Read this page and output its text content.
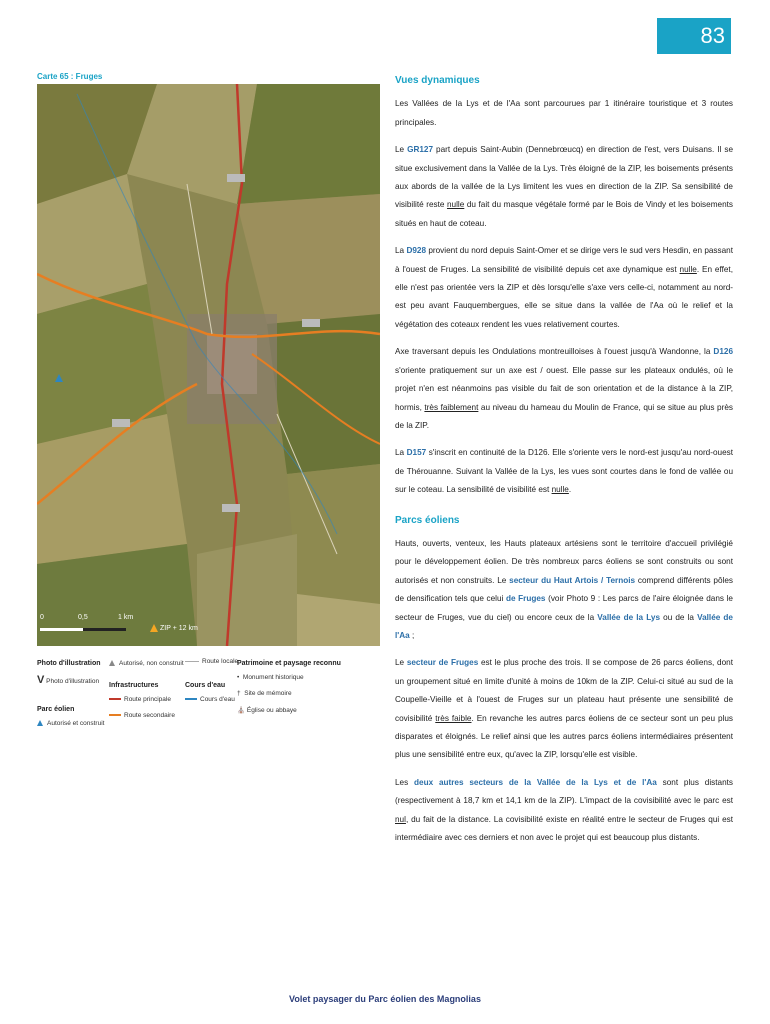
83
Carte 65 : Fruges
0	0,5	1 km
ZIP + 12 km
Photo d'illustration
V Photo d'illustration
Parc éolien
Autorisé et construit
Autorisé, non construit
Infrastructures
Route principale
Route secondaire
Route locale
Cours d'eau
Cours d'eau
Patrimoine et paysage reconnu
• Monument historique
† Site de mémoire
⛪ Église ou abbaye
Vues dynamiques

Les Vallées de la Lys et de l'Aa sont parcourues par 1 itinéraire touristique et 3 routes principales.

Le GR127 part depuis Saint-Aubin (Dennebrœucq) en direction de l'est, vers Duisans. Il se situe exclusivement dans la Vallée de la Lys. Très éloigné de la ZIP, les boisements présents aux abords de la vallée de la Lys limitent les vues en direction de la ZIP. Sa sensibilité de visibilité reste nulle du fait du masque végétale formé par le Bois de Vindy et les boisements situés en haut de coteau.

La D928 provient du nord depuis Saint-Omer et se dirige vers le sud vers Hesdin, en passant à l'ouest de Fruges. La sensibilité de visibilité depuis cet axe dynamique est nulle. En effet, elle n'est pas orientée vers la ZIP et dès lorsqu'elle s'axe vers celle-ci, notamment au nord-est peu avant Fauquembergues, elle se situe dans la vallée de l'Aa où le relief et la végétation des coteaux rendent les vues relativement courtes.

Axe traversant depuis les Ondulations montreuilloises à l'ouest jusqu'à Wandonne, la D126 s'oriente pratiquement sur un axe est / ouest. Elle passe sur les plateaux ondulés, où le projet n'en est néanmoins pas visible du fait de son orientation et de la distance à la ZIP, hormis, très faiblement au niveau du hameau du Moulin de France, qui se situe au plus près de la ZIP.

La D157 s'inscrit en continuité de la D126. Elle s'oriente vers le nord-est jusqu'au nord-ouest de Thérouanne. Suivant la Vallée de la Lys, les vues sont courtes dans le fond de vallée ou sur le coteau. La sensibilité de visibilité est nulle.

Parcs éoliens

Hauts, ouverts, venteux, les Hauts plateaux artésiens sont le territoire d'accueil privilégié pour le développement éolien. De très nombreux parcs éoliens se sont construits ou sont autorisés et non construits. Le secteur du Haut Artois / Ternois comprend différents pôles de densification tels que celui de Fruges (voir Photo 9 : Les parcs de l'aire éloignée dans le secteur de Fruges, vue du ciel) ou encore ceux de la Vallée de la Lys ou de la Vallée de l'Aa ;

Le secteur de Fruges est le plus proche des trois. Il se compose de 26 parcs éoliens, dont un groupement situé en limite d'unité à moins de 10km de la ZIP. Celui-ci situé au sud de la Coupelle-Vieille et à l'ouest de Fruges sur un plateau haut présente une sensibilité de covisibilité très faible. En revanche les autres parcs éoliens de ce secteur sont un peu plus disparates et éloignés. Le relief ainsi que les autres parcs éoliens intermédiaires présentent plus une sensibilité entre eux, qu'avec la ZIP, lorsqu'elle est visible.

Les deux autres secteurs de la Vallée de la Lys et de l'Aa sont plus distants (respectivement à 18,7 km et 14,1 km de la ZIP). L'impact de la covisibilité avec le parc est nul, du fait de la distance. La covisibilité existe en réalité entre le secteur de Fruges qui est intermédiaire avec ces derniers et non avec le projet qui est beaucoup plus distants.

Volet paysager du Parc éolien des Magnolias
